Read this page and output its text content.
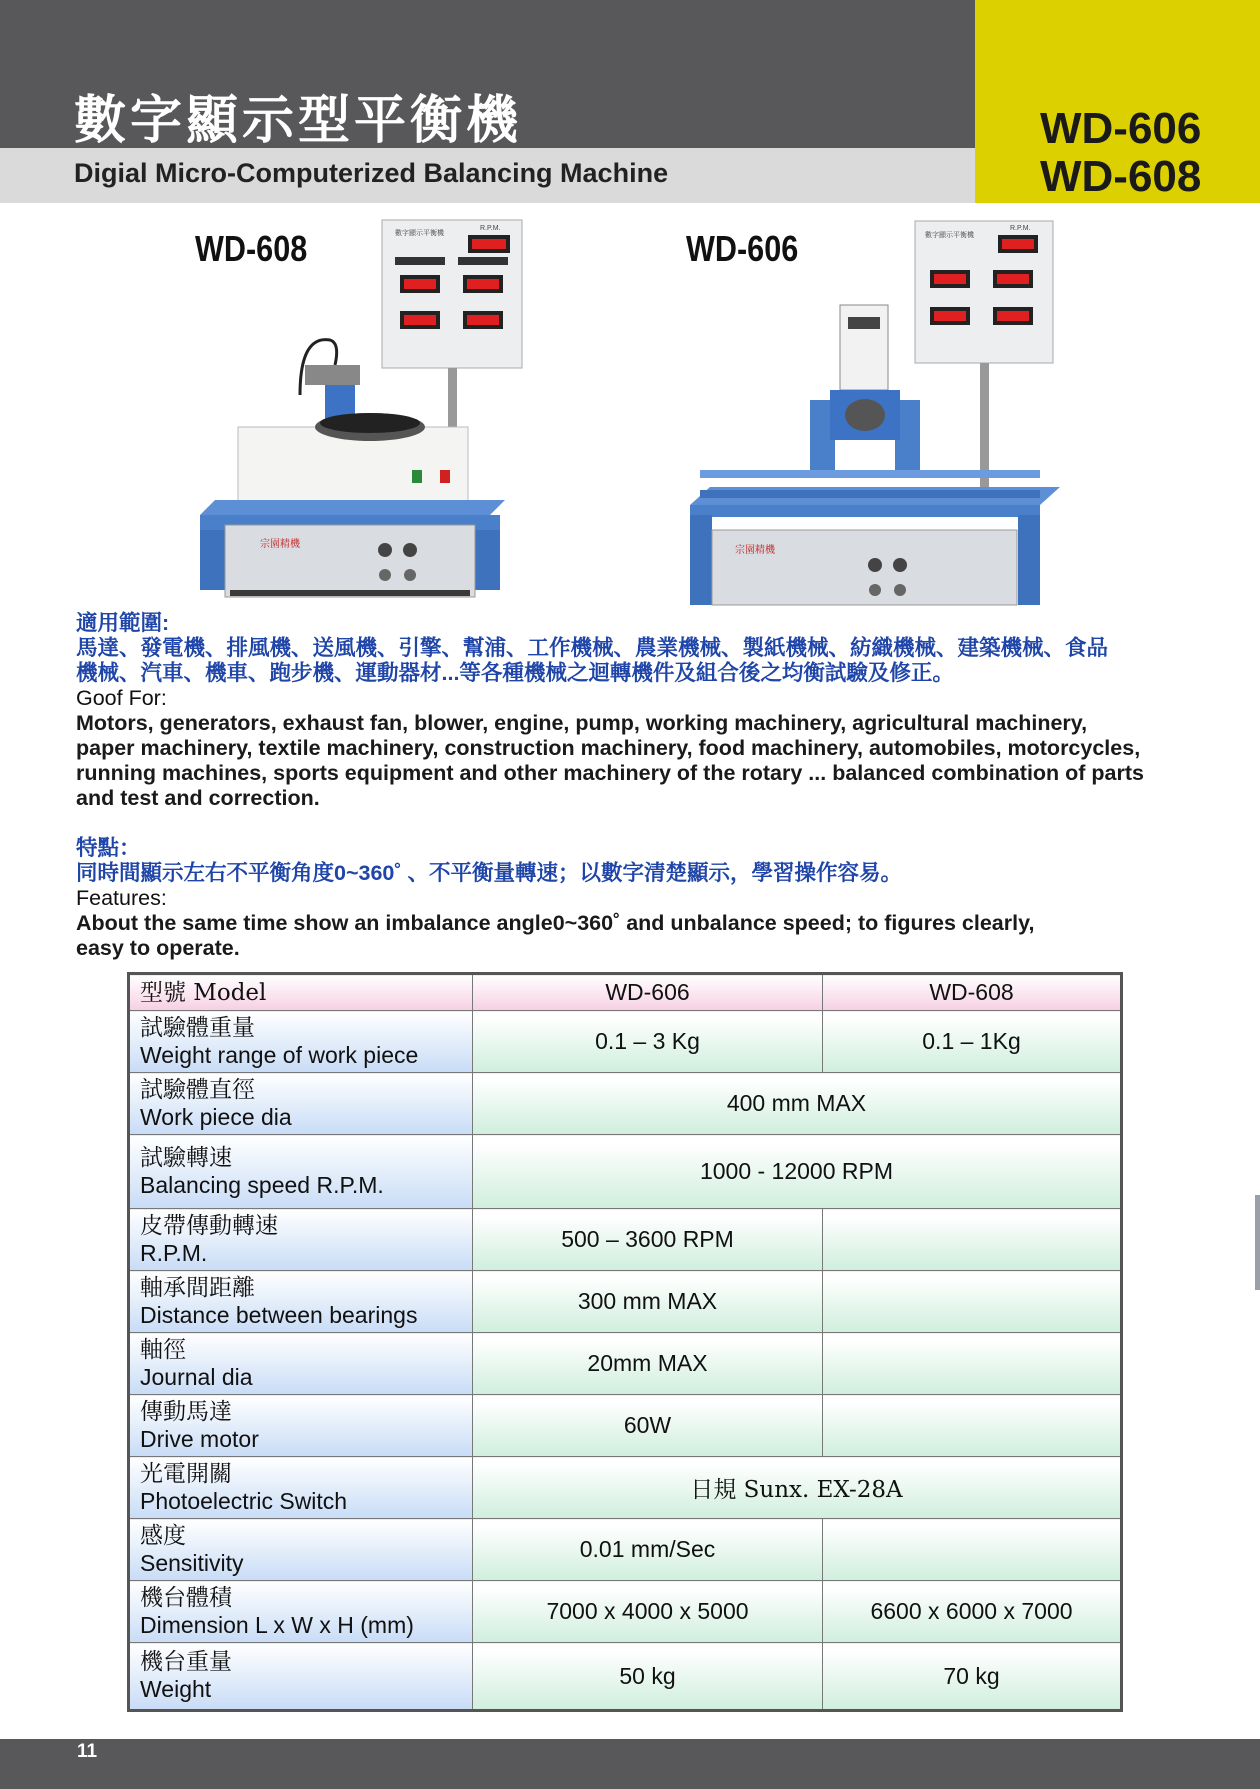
數字顯示型平衡機
Digial Micro-Computerized Balancing Machine
WD-606
WD-608
WD-608	WD-606
數字顯示平衡機
R.P.M.
宗園精機
數字顯示平衡機
R.P.M.
宗園精機
適用範圍:
馬達、發電機、排風機、送風機、引擎、幫浦、工作機械、農業機械、製紙機械、紡織機械、建築機械、食品
機械、汽車、機車、跑步機、運動器材...等各種機械之迴轉機件及組合後之均衡試驗及修正。
Goof For:
Motors, generators, exhaust fan, blower, engine, pump, working machinery, agricultural machinery,
paper machinery, textile machinery, construction machinery, food machinery, automobiles, motorcycles,
running machines, sports equipment and other machinery of the rotary ... balanced combination of parts
and test and correction.
特點：
同時間顯示左右不平衡角度0~360˚ 、不平衡量轉速；以數字清楚顯示，學習操作容易。
Features:
About the same time show an imbalance angle0~360˚ and unbalance speed; to figures clearly,
easy to operate.
型號 Model	WD-606	WD-608

試驗體重量
Weight range of work piece	0.1 – 3 Kg	0.1 – 1Kg

試驗體直徑
Work piece dia	400 mm MAX	

試驗轉速
Balancing speed R.P.M.	1000 - 12000 RPM	

皮帶傳動轉速
R.P.M.	500 – 3600 RPM	

軸承間距離
Distance between bearings	300 mm MAX	

軸徑
Journal dia	20mm MAX	

傳動馬達
Drive motor	60W	

光電開關
Photoelectric Switch	日規 Sunx. EX-28A	

感度
Sensitivity	0.01 mm/Sec	

機台體積
Dimension L x W x H (mm)	7000 x 4000 x 5000	6600 x 6000 x 7000

機台重量
Weight	50 kg	70 kg
11
